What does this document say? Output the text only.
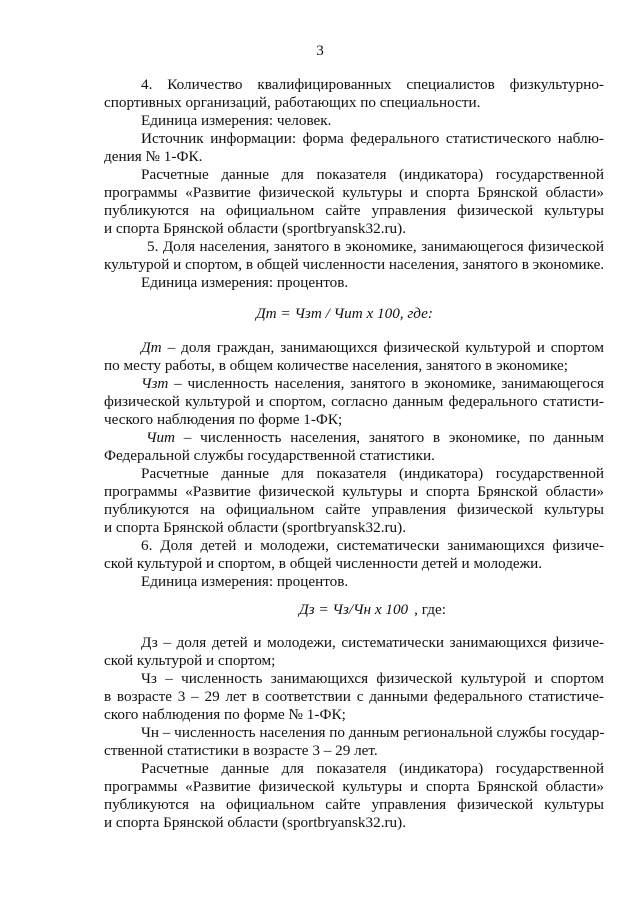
3
4. Количество квалифицированных специалистов физкультурно-
спортивных организаций, работающих по специальности.
Единица измерения: человек.
Источник информации: форма федерального статистического наблю-
дения № 1-ФК.
Расчетные данные для показателя (индикатора) государственной
программы «Развитие физической культуры и спорта Брянской области»
публикуются на официальном сайте управления физической культуры
и спорта Брянской области (sportbryansk32.ru).
5. Доля населения, занятого в экономике, занимающегося физической
культурой и спортом, в общей численности населения, занятого в экономике.
Единица измерения: процентов.
Дт = Чзт / Чит x 100, где:
Дт – доля граждан, занимающихся физической культурой и спортом
по месту работы, в общем количестве населения, занятого в экономике;
Чзт – численность населения, занятого в экономике, занимающегося
физической культурой и спортом, согласно данным федерального статисти-
ческого наблюдения по форме 1-ФК;
Чит – численность населения, занятого в экономике, по данным
Федеральной службы государственной статистики.
Расчетные данные для показателя (индикатора) государственной
программы «Развитие физической культуры и спорта Брянской области»
публикуются на официальном сайте управления физической культуры
и спорта Брянской области (sportbryansk32.ru).
6. Доля детей и молодежи, систематически занимающихся физиче-
ской культурой и спортом, в общей численности детей и молодежи.
Единица измерения: процентов.
Дз = Чз/Чн x 100 , где:
Дз – доля детей и молодежи, систематически занимающихся физиче-
ской культурой и спортом;
Чз – численность занимающихся физической культурой и спортом
в возрасте 3 – 29 лет в соответствии с данными федерального статистиче-
ского наблюдения по форме № 1-ФК;
Чн – численность населения по данным региональной службы государ-
ственной статистики в возрасте 3 – 29 лет.
Расчетные данные для показателя (индикатора) государственной
программы «Развитие физической культуры и спорта Брянской области»
публикуются на официальном сайте управления физической культуры
и спорта Брянской области (sportbryansk32.ru).
